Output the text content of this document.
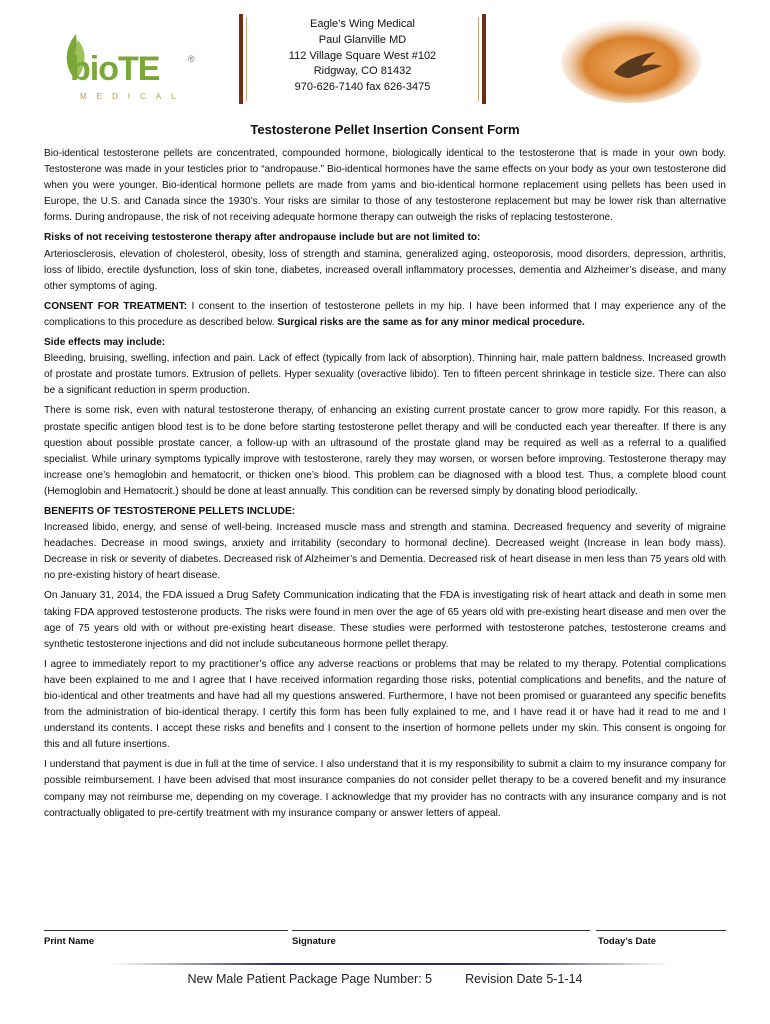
bioTE	®
MEDICAL
Eagle’s Wing Medical
Paul Glanville MD
112 Village Square West #102
Ridgway, CO 81432
970-626-7140 fax 626-3475
Testosterone Pellet Insertion Consent Form

Bio-identical testosterone pellets are concentrated, compounded hormone, biologically identical to the testosterone that is made in your own body. Testosterone was made in your testicles prior to “andropause.” Bio-identical hormones have the same effects on your body as your own testosterone did when you were younger. Bio-identical hormone pellets are made from yams and bio-identical hormone replacement using pellets has been used in Europe, the U.S. and Canada since the 1930’s. Your risks are similar to those of any testosterone replacement but may be lower risk than alternative forms. During andropause, the risk of not receiving adequate hormone therapy can outweigh the risks of replacing testosterone.

Risks of not receiving testosterone therapy after andropause include but are not limited to:

Arteriosclerosis, elevation of cholesterol, obesity, loss of strength and stamina, generalized aging, osteoporosis, mood disorders, depression, arthritis, loss of libido, erectile dysfunction, loss of skin tone, diabetes, increased overall inflammatory processes, dementia and Alzheimer’s disease, and many other symptoms of aging.

CONSENT FOR TREATMENT: I consent to the insertion of testosterone pellets in my hip. I have been informed that I may experience any of the complications to this procedure as described below. Surgical risks are the same as for any minor medical procedure.

Side effects may include:

Bleeding, bruising, swelling, infection and pain. Lack of effect (typically from lack of absorption). Thinning hair, male pattern baldness. Increased growth of prostate and prostate tumors. Extrusion of pellets. Hyper sexuality (overactive libido). Ten to fifteen percent shrinkage in testicle size. There can also be a significant reduction in sperm production.

There is some risk, even with natural testosterone therapy, of enhancing an existing current prostate cancer to grow more rapidly. For this reason, a prostate specific antigen blood test is to be done before starting testosterone pellet therapy and will be conducted each year thereafter. If there is any question about possible prostate cancer, a follow-up with an ultrasound of the prostate gland may be required as well as a referral to a qualified specialist. While urinary symptoms typically improve with testosterone, rarely they may worsen, or worsen before improving. Testosterone therapy may increase one’s hemoglobin and hematocrit, or thicken one’s blood. This problem can be diagnosed with a blood test. Thus, a complete blood count (Hemoglobin and Hematocrit.) should be done at least annually. This condition can be reversed simply by donating blood periodically.

BENEFITS OF TESTOSTERONE PELLETS INCLUDE:

Increased libido, energy, and sense of well-being. Increased muscle mass and strength and stamina. Decreased frequency and severity of migraine headaches. Decrease in mood swings, anxiety and irritability (secondary to hormonal decline). Decreased weight (Increase in lean body mass). Decrease in risk or severity of diabetes. Decreased risk of Alzheimer’s and Dementia. Decreased risk of heart disease in men less than 75 years old with no pre-existing history of heart disease.

On January 31, 2014, the FDA issued a Drug Safety Communication indicating that the FDA is investigating risk of heart attack and death in some men taking FDA approved testosterone products. The risks were found in men over the age of 65 years old with pre-existing heart disease and men over the age of 75 years old with or without pre-existing heart disease. These studies were performed with testosterone patches, testosterone creams and synthetic testosterone injections and did not include subcutaneous hormone pellet therapy.

I agree to immediately report to my practitioner’s office any adverse reactions or problems that may be related to my therapy. Potential complications have been explained to me and I agree that I have received information regarding those risks, potential complications and benefits, and the nature of bio-identical and other treatments and have had all my questions answered. Furthermore, I have not been promised or guaranteed any specific benefits from the administration of bio-identical therapy. I certify this form has been fully explained to me, and I have read it or have had it read to me and I understand its contents. I accept these risks and benefits and I consent to the insertion of hormone pellets under my skin. This consent is ongoing for this and all future insertions.

I understand that payment is due in full at the time of service. I also understand that it is my responsibility to submit a claim to my insurance company for possible reimbursement. I have been advised that most insurance companies do not consider pellet therapy to be a covered benefit and my insurance company may not reimburse me, depending on my coverage. I acknowledge that my provider has no contracts with any insurance company and is not contractually obligated to pre-certify treatment with my insurance company or answer letters of appeal.

Print Name	Signature	Today’s Date
New Male Patient Package Page Number: 5	Revision Date 5-1-14
